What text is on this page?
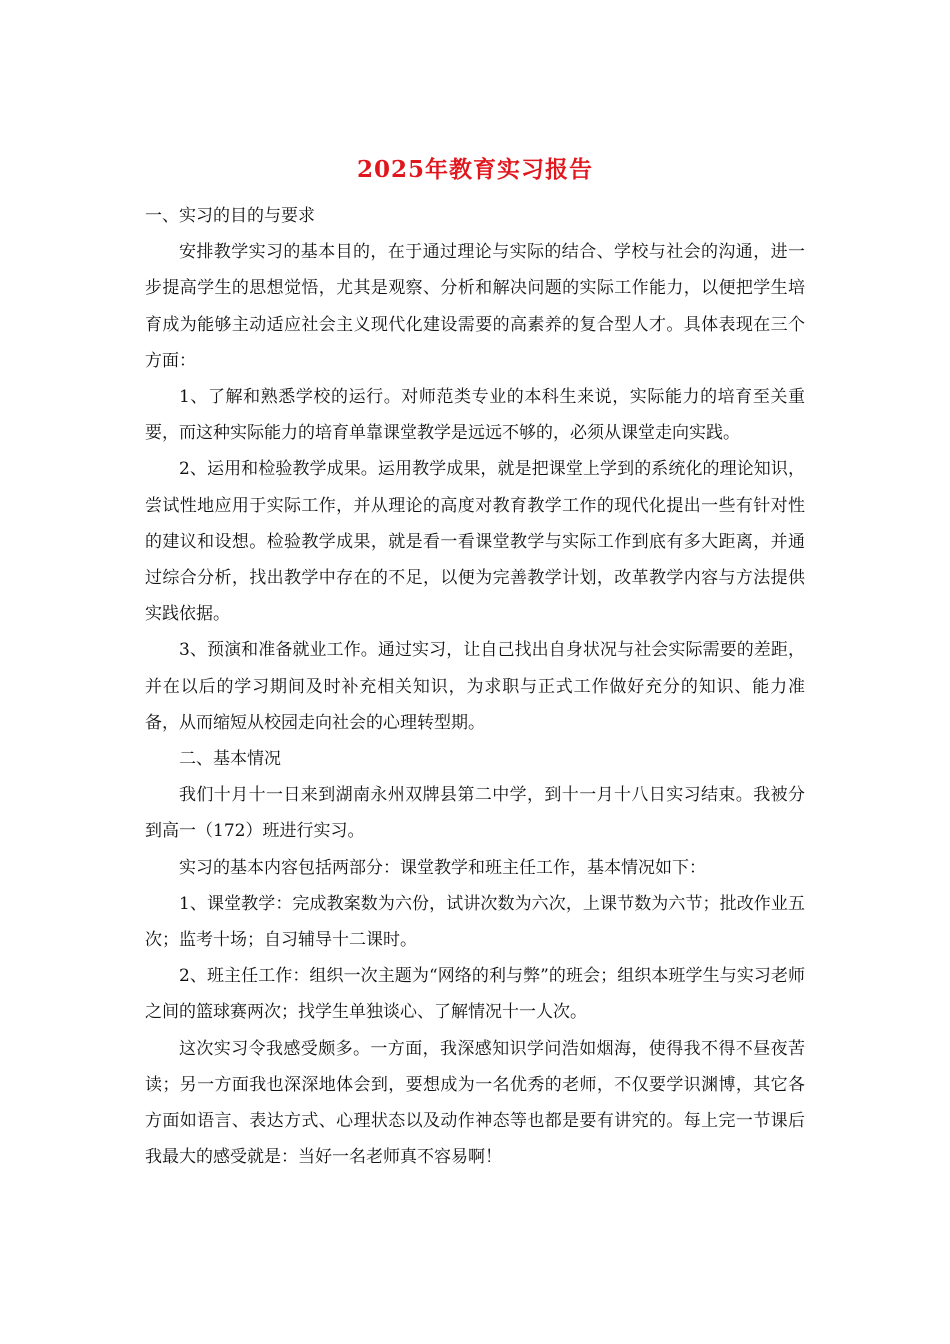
2025年教育实习报告

一、实习的目的与要求

安排教学实习的基本目的，在于通过理论与实际的结合、学校与社会的沟通，进一步提高学生的思想觉悟，尤其是观察、分析和解决问题的实际工作能力，以便把学生培育成为能够主动适应社会主义现代化建设需要的高素养的复合型人才。具体表现在三个方面：

1、了解和熟悉学校的运行。对师范类专业的本科生来说，实际能力的培育至关重要，而这种实际能力的培育单靠课堂教学是远远不够的，必须从课堂走向实践。

2、运用和检验教学成果。运用教学成果，就是把课堂上学到的系统化的理论知识，尝试性地应用于实际工作，并从理论的高度对教育教学工作的现代化提出一些有针对性的建议和设想。检验教学成果，就是看一看课堂教学与实际工作到底有多大距离，并通过综合分析，找出教学中存在的不足，以便为完善教学计划，改革教学内容与方法提供实践依据。

3、预演和准备就业工作。通过实习，让自己找出自身状况与社会实际需要的差距，并在以后的学习期间及时补充相关知识，为求职与正式工作做好充分的知识、能力准备，从而缩短从校园走向社会的心理转型期。

二、基本情况

我们十月十一日来到湖南永州双牌县第二中学，到十一月十八日实习结束。我被分到高一（172）班进行实习。

实习的基本内容包括两部分：课堂教学和班主任工作，基本情况如下：

1、课堂教学：完成教案数为六份，试讲次数为六次，上课节数为六节；批改作业五次；监考十场；自习辅导十二课时。

2、班主任工作：组织一次主题为“网络的利与弊”的班会；组织本班学生与实习老师之间的篮球赛两次；找学生单独谈心、了解情况十一人次。

这次实习令我感受颇多。一方面，我深感知识学问浩如烟海，使得我不得不昼夜苦读；另一方面我也深深地体会到，要想成为一名优秀的老师，不仅要学识渊博，其它各方面如语言、表达方式、心理状态以及动作神态等也都是要有讲究的。每上完一节课后我最大的感受就是：当好一名老师真不容易啊！
